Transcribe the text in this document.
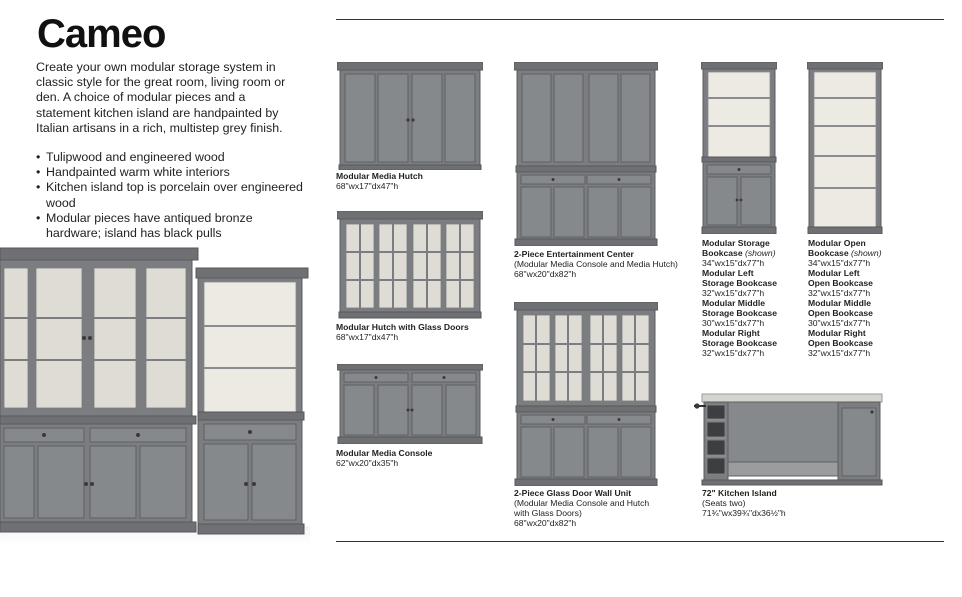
Cameo

Create your own modular storage system in classic style for the great room, living room or den. A choice of modular pieces and a statement kitchen island are handpainted by Italian artisans in a rich, multistep grey finish.

• Tulipwood and engineered wood
• Handpainted warm white interiors
• Kitchen island top is porcelain over engineered wood
• Modular pieces have antiqued bronze hardware; island has black pulls
Modular Media Hutch
68"wx17"dx47"h
Modular Hutch with Glass Doors
68"wx17"dx47"h
Modular Media Console
62"wx20"dx35"h
2-Piece Entertainment Center
(Modular Media Console and Media Hutch)
68"wx20"dx82"h
2-Piece Glass Door Wall Unit
(Modular Media Console and Hutch
with Glass Doors)
68"wx20"dx82"h
Modular Storage
Bookcase (shown)
34"wx15"dx77"h
Modular Left
Storage Bookcase
32"wx15"dx77"h
Modular Middle
Storage Bookcase
30"wx15"dx77"h
Modular Right
Storage Bookcase
32"wx15"dx77"h
Modular Open
Bookcase (shown)
34"wx15"dx77"h
Modular Left
Open Bookcase
32"wx15"dx77"h
Modular Middle
Open Bookcase
30"wx15"dx77"h
Modular Right
Open Bookcase
32"wx15"dx77"h
72" Kitchen Island
(Seats two)
71¾"wx39¾"dx36½"h
